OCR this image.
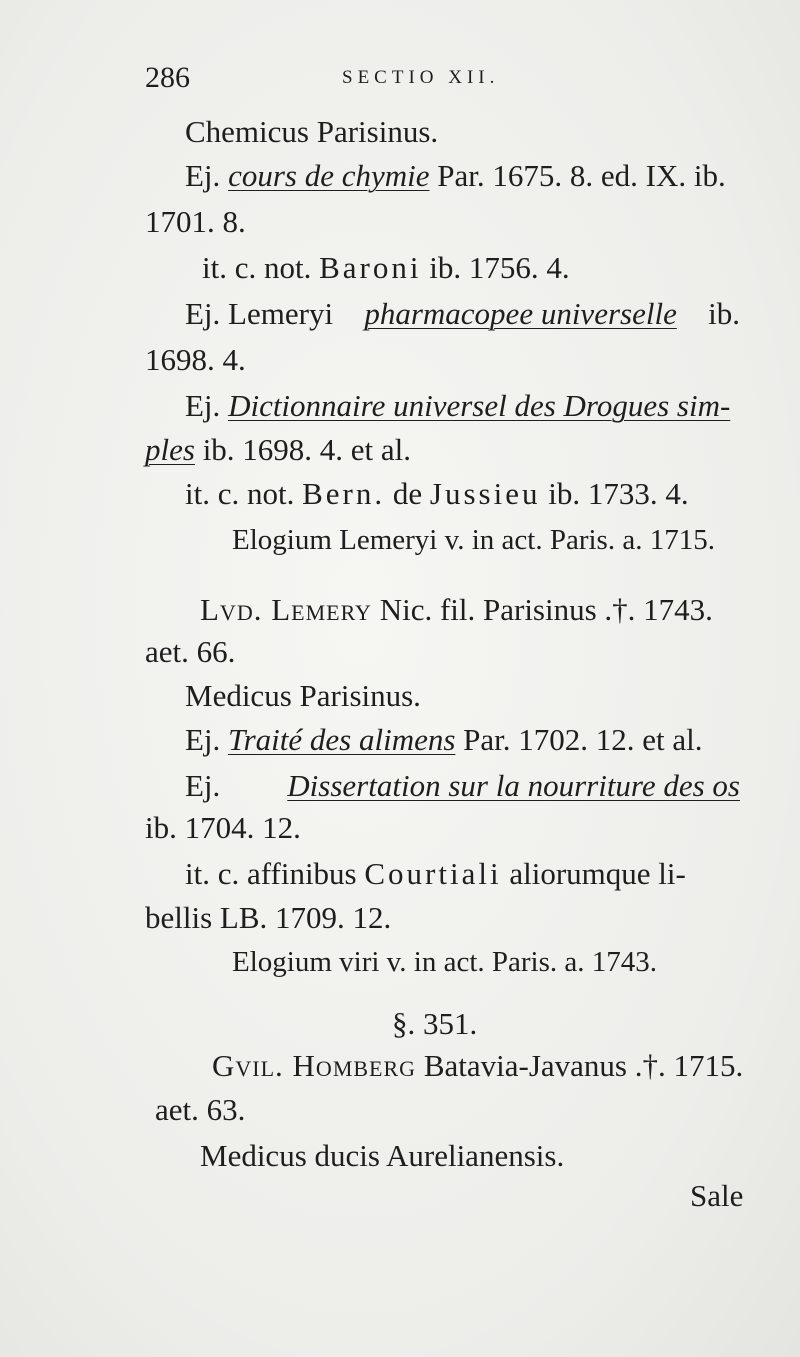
286	SECTIO XII.
Chemicus Parisinus.
Ej. cours de chymie Par. 1675. 8. ed. IX. ib.
1701. 8.
it. c. not. Baroni ib. 1756. 4.
Ej. Lemeryi pharmacopee universelle ib.
1698. 4.
Ej. Dictionnaire universel des Drogues sim-
ples ib. 1698. 4. et al.
it. c. not. Bern. de Jussieu ib. 1733. 4.
Elogium Lemeryi v. in act. Paris. a. 1715.
Lvd. Lemery Nic. fil. Parisinus .†. 1743.
aet. 66.
Medicus Parisinus.
Ej. Traité des alimens Par. 1702. 12. et al.
Ej. Dissertation sur la nourriture des os
ib. 1704. 12.
it. c. affinibus Courtiali aliorumque li-
bellis LB. 1709. 12.
Elogium viri v. in act. Paris. a. 1743.
§. 351.
Gvil. Homberg Batavia-Javanus .†. 1715.
aet. 63.
Medicus ducis Aurelianensis.
Sale
